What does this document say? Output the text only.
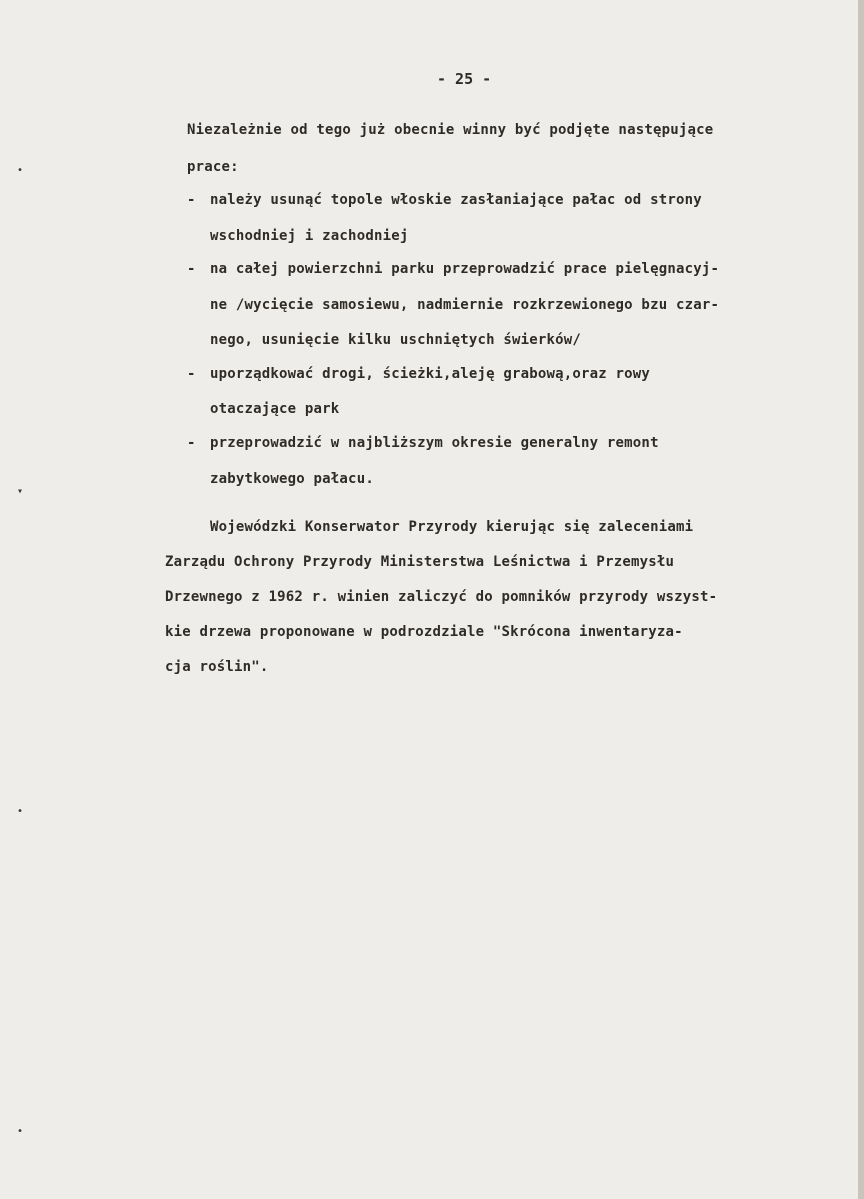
- 25 -
Niezależnie od tego już obecnie winny być podjęte następujące
prace:
- należy usunąć topole włoskie zasłaniające pałac od strony
wschodniej i zachodniej
- na całej powierzchni parku przeprowadzić prace pielęgnacyj-
ne /wycięcie samosiewu, nadmiernie rozkrzewionego bzu czar-
nego, usunięcie kilku uschniętych świerków/
- uporządkować drogi, ścieżki,aleję grabową,oraz rowy
otaczające park
- przeprowadzić w najbliższym okresie generalny remont
zabytkowego pałacu.
Wojewódzki Konserwator Przyrody kierując się zaleceniami
Zarządu Ochrony Przyrody Ministerstwa Leśnictwa i Przemysłu
Drzewnego z 1962 r. winien zaliczyć do pomników przyrody wszyst-
kie drzewa proponowane w podrozdziale "Skrócona inwentaryza-
cja roślin".
•
▾
•
•
